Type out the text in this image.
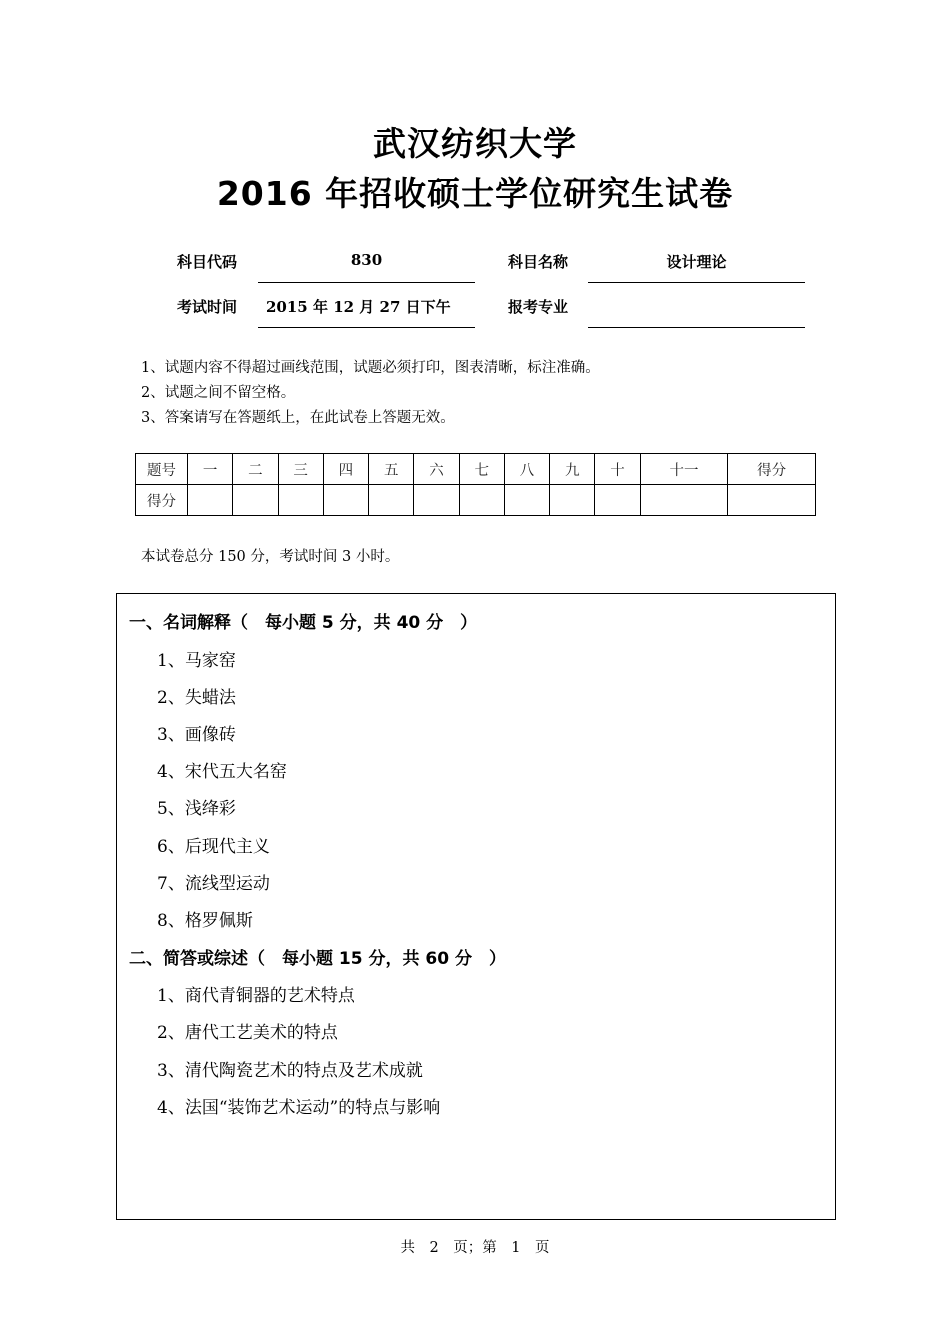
武汉纺织大学
2016 年招收硕士学位研究生试卷
科目代码	830	科目名称	设计理论
考试时间	2015 年 12 月 27 日下午	报考专业
1、试题内容不得超过画线范围，试题必须打印，图表清晰，标注准确。
2、试题之间不留空格。
3、答案请写在答题纸上，在此试卷上答题无效。
题号	一	二	三	四	五	六	七	八	九	十	十一	得分
得分												
本试卷总分 150 分，考试时间 3 小时。
一、名词解释（　每小题 5 分，共 40 分　）
1、马家窑
2、失蜡法
3、画像砖
4、宋代五大名窑
5、浅绛彩
6、后现代主义
7、流线型运动
8、格罗佩斯
二、简答或综述（　每小题 15 分，共 60 分　）
1、商代青铜器的艺术特点
2、唐代工艺美术的特点
3、清代陶瓷艺术的特点及艺术成就
4、法国“装饰艺术运动”的特点与影响
共　2　页；第　1　页
